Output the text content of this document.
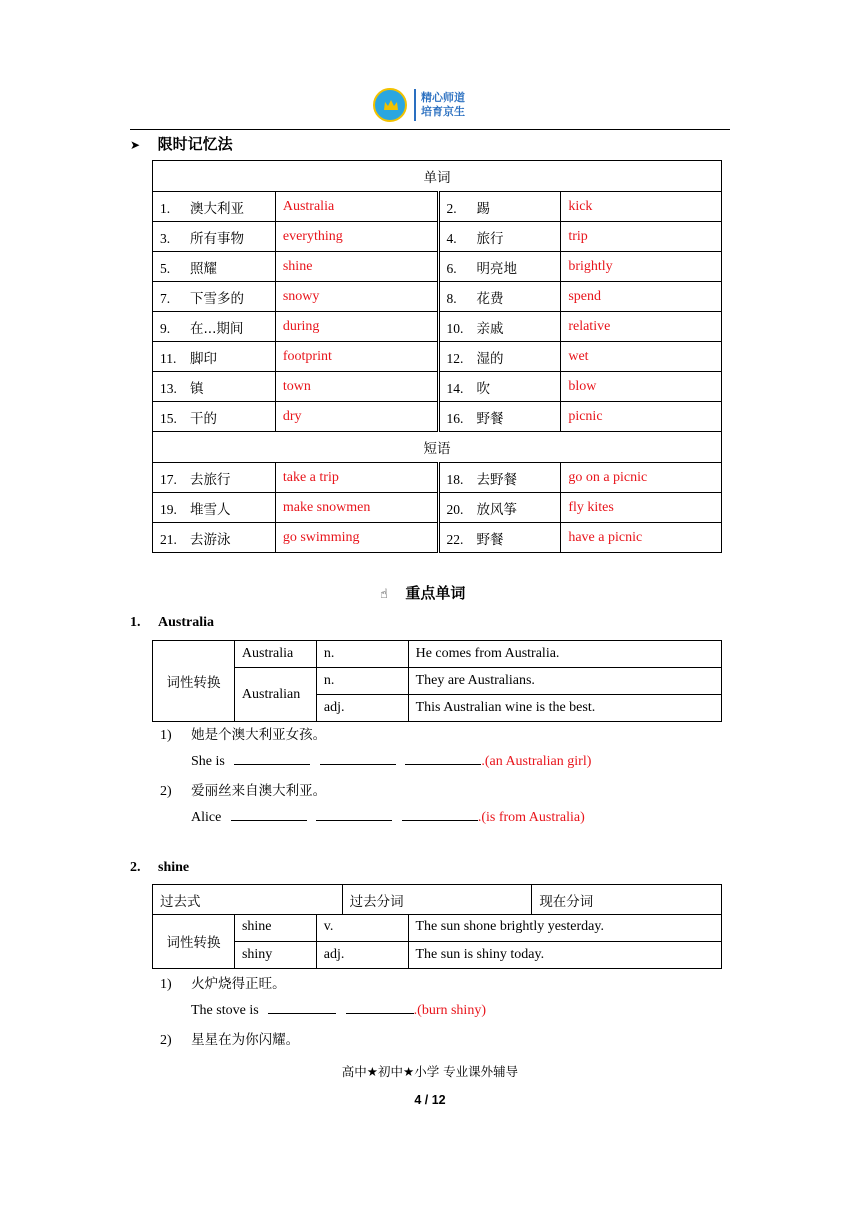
精心师道
培育京生
➤ 限时记忆法
单词			
1. 澳大利亚	Australia	2. 踢	kick
3. 所有事物	everything	4. 旅行	trip
5. 照耀	shine	6. 明亮地	brightly
7. 下雪多的	snowy	8. 花费	spend
9. 在...期间	during	10. 亲戚	relative
11. 脚印	footprint	12. 湿的	wet
13. 镇	town	14. 吹	blow
15. 干的	dry	16. 野餐	picnic
短语			
17. 去旅行	take a trip	18. 去野餐	go on a picnic
19. 堆雪人	make snowmen	20. 放风筝	fly kites
21. 去游泳	go swimming	22. 野餐	have a picnic
☝ 重点单词
1. Australia
词性转换	Australia	n.	He comes from Australia.
	Australian	n.	They are Australians.
		adj.	This Australian wine is the best.
1) 她是个澳大利亚女孩。
She is	.(an Australian girl)
2) 爱丽丝来自澳大利亚。
Alice	.(is from Australia)
2. shine
过去式	过去分词	现在分词
词性转换	shine	v.	The sun shone brightly yesterday.
	shiny	adj.	The sun is shiny today.
1) 火炉烧得正旺。
The stove is	.(burn shiny)
2) 星星在为你闪耀。
高中★初中★小学 专业课外辅导
4 / 12
